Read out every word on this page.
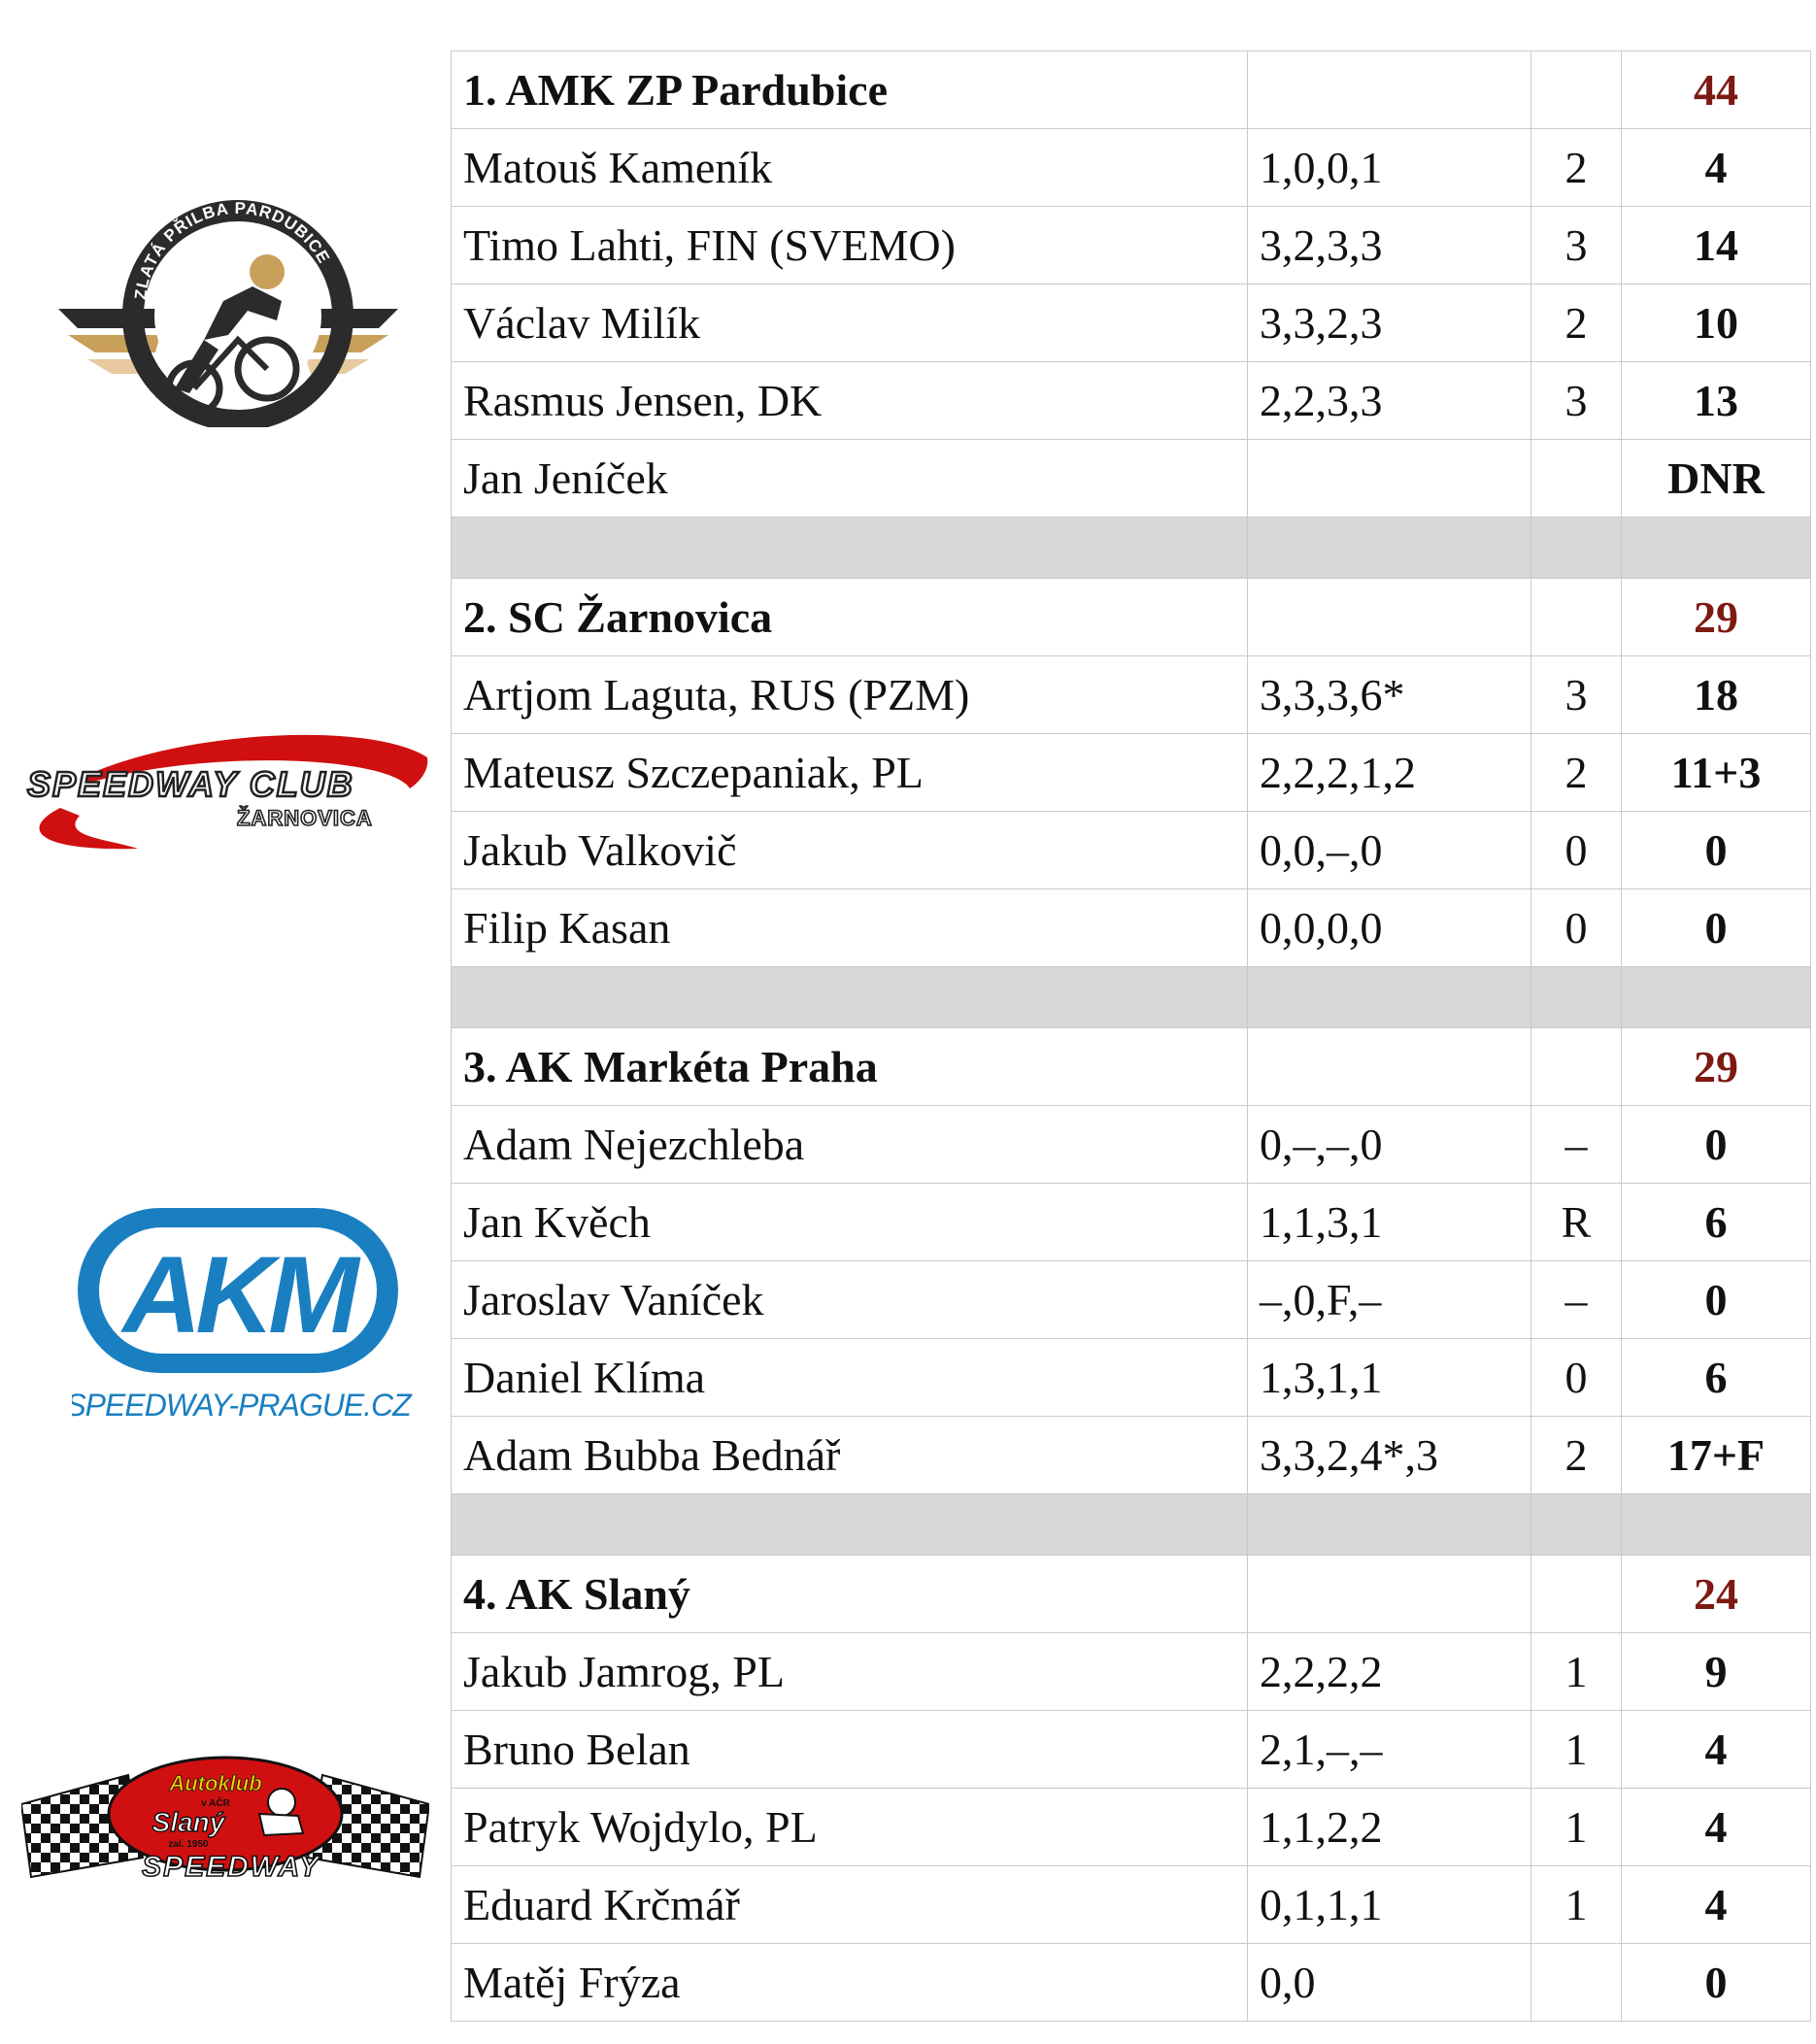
ZLATÁ PŘILBA PARDUBICE
SPEEDWAY CLUB
ŽARNOVICA
AKM
SPEEDWAY-PRAGUE.CZ
Autoklub
v AČR
Slaný
zal. 1950
SPEEDWAY
1. AMK ZP Pardubice			44
Matouš Kameník	1,0,0,1	2	4
Timo Lahti, FIN (SVEMO)	3,2,3,3	3	14
Václav Milík	3,3,2,3	2	10
Rasmus Jensen, DK	2,2,3,3	3	13
Jan Jeníček			DNR

2. SC Žarnovica			29
Artjom Laguta, RUS (PZM)	3,3,3,6*	3	18
Mateusz Szczepaniak, PL	2,2,2,1,2	2	11+3
Jakub Valkovič	0,0,–,0	0	0
Filip Kasan	0,0,0,0	0	0

3. AK Markéta Praha			29
Adam Nejezchleba	0,–,–,0	–	0
Jan Kvěch	1,1,3,1	R	6
Jaroslav Vaníček	–,0,F,–	–	0
Daniel Klíma	1,3,1,1	0	6
Adam Bubba Bednář	3,3,2,4*,3	2	17+F

4. AK Slaný			24
Jakub Jamrog, PL	2,2,2,2	1	9
Bruno Belan	2,1,–,–	1	4
Patryk Wojdylo, PL	1,1,2,2	1	4
Eduard Krčmář	0,1,1,1	1	4
Matěj Frýza	0,0		0
